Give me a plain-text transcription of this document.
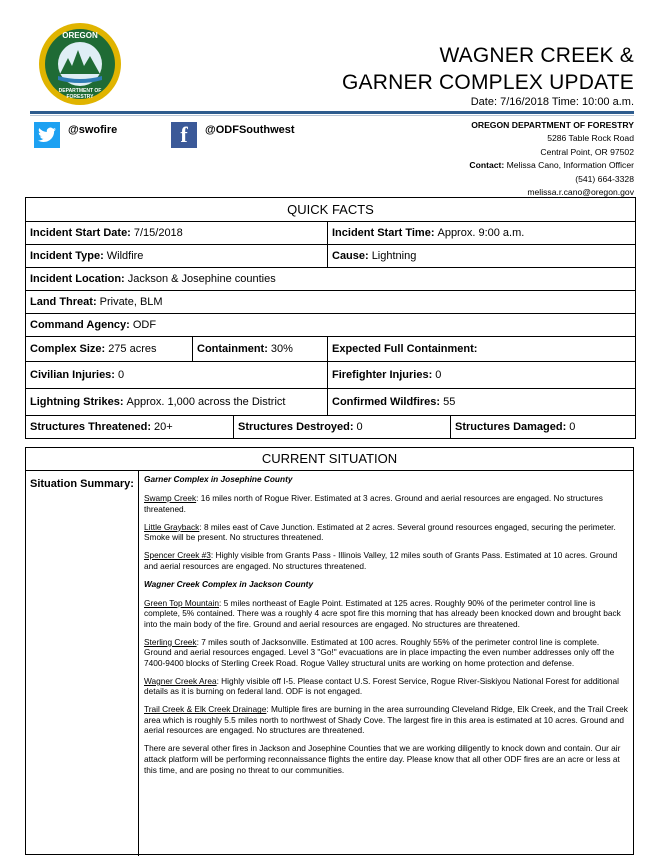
OREGON
DEPARTMENT OF FORESTRY
WAGNER CREEK &
GARNER COMPLEX UPDATE
Date: 7/16/2018 Time: 10:00 a.m.
@swofire	f	@ODFSouthwest	OREGON DEPARTMENT OF FORESTRY
5286 Table Rock Road
Central Point, OR 97502
Contact: Melissa Cano, Information Officer
(541) 664-3328
melissa.r.cano@oregon.gov
QUICK FACTS
Incident Start Date: 7/15/2018	Incident Start Time: Approx. 9:00 a.m.
Incident Type: Wildfire	Cause: Lightning
Incident Location: Jackson & Josephine counties
Land Threat: Private, BLM
Command Agency: ODF
Complex Size: 275 acres	Containment: 30%	Expected Full Containment:
Civilian Injuries: 0	Firefighter Injuries: 0
Lightning Strikes: Approx. 1,000 across the District	Confirmed Wildfires: 55
Structures Threatened: 20+	Structures Destroyed: 0	Structures Damaged: 0
CURRENT SITUATION
Situation Summary:	Garner Complex in Josephine County

Swamp Creek: 16 miles north of Rogue River. Estimated at 3 acres. Ground and aerial resources are engaged. No structures threatened.

Little Grayback: 8 miles east of Cave Junction. Estimated at 2 acres. Several ground resources engaged, securing the perimeter. Smoke will be present. No structures threatened.

Spencer Creek #3: Highly visible from Grants Pass - Illinois Valley, 12 miles south of Grants Pass. Estimated at 10 acres. Ground and aerial resources are engaged. No structures threatened.

Wagner Creek Complex in Jackson County

Green Top Mountain: 5 miles northeast of Eagle Point. Estimated at 125 acres. Roughly 90% of the perimeter control line is complete, 5% contained. There was a roughly 4 acre spot fire this morning that has already been knocked down and brought back into the main body of the fire. Ground and aerial resources are engaged. No structures are threatened.

Sterling Creek: 7 miles south of Jacksonville. Estimated at 100 acres. Roughly 55% of the perimeter control line is complete. Ground and aerial resources engaged. Level 3 "Go!" evacuations are in place impacting the even number addresses only off the 7400-9400 blocks of Sterling Creek Road. Rogue Valley structural units are working on home protection and defense.

Wagner Creek Area: Highly visible off I-5. Please contact U.S. Forest Service, Rogue River-Siskiyou National Forest for additional details as it is burning on federal land. ODF is not engaged.

Trail Creek & Elk Creek Drainage: Multiple fires are burning in the area surrounding Cleveland Ridge, Elk Creek, and the Trail Creek area which is roughly 5.5 miles north to northwest of Shady Cove. The largest fire in this area is estimated at 10 acres. Ground and aerial resources are engaged. No structures are threatened.

There are several other fires in Jackson and Josephine Counties that we are working diligently to knock down and contain. Our air attack platform will be performing reconnaissance flights the entire day. Please know that all other ODF fires are an acre or less at this time, and are posing no threat to our communities.
